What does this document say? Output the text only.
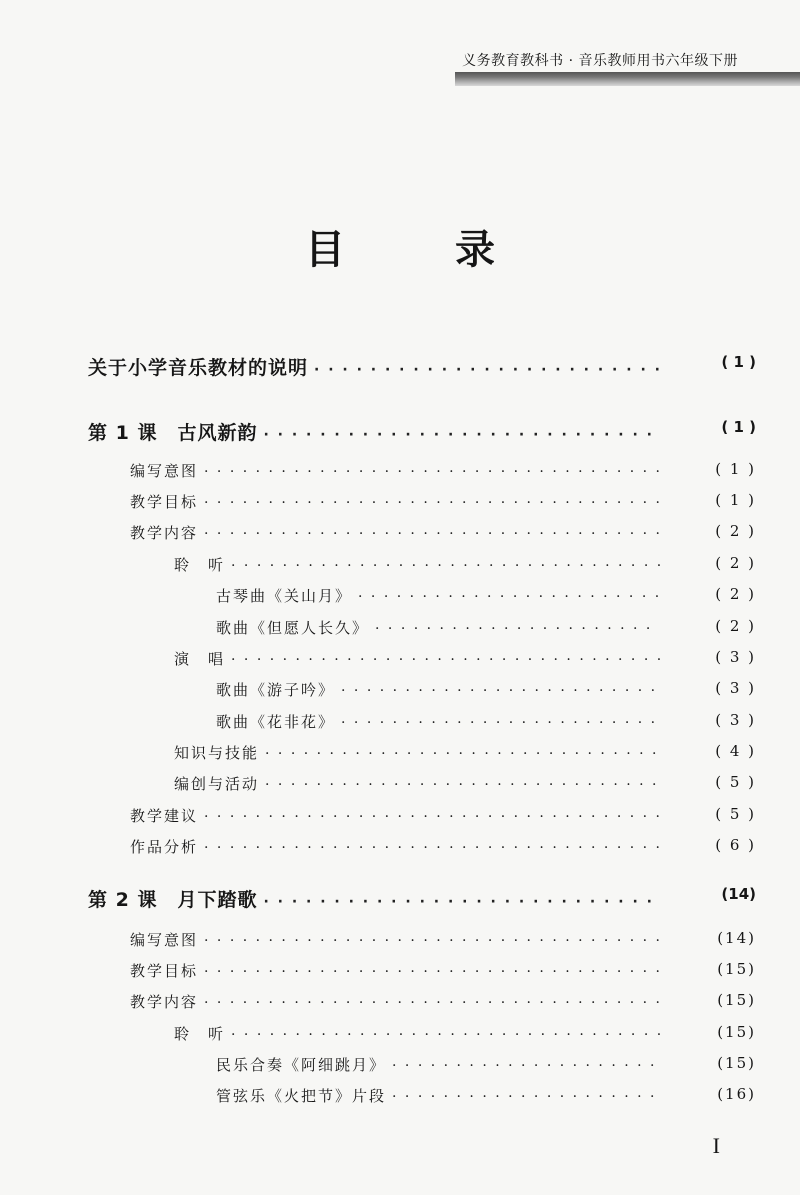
义务教育教科书 · 音乐教师用书六年级下册
目	录
关于小学音乐教材的说明 · · ·	( 1 )
第 1 课　古风新韵 · · ·	( 1 )
编写意图 · · ·	( 1 )
教学目标 · · ·	( 1 )
教学内容 · · ·	( 2 )
聆　听 · · ·	( 2 )
古琴曲《关山月》 · · ·	( 2 )
歌曲《但愿人长久》 · · ·	( 2 )
演　唱 · · ·	( 3 )
歌曲《游子吟》 · · ·	( 3 )
歌曲《花非花》 · · ·	( 3 )
知识与技能 · · ·	( 4 )
编创与活动 · · ·	( 5 )
教学建议 · · ·	( 5 )
作品分析 · · ·	( 6 )
第 2 课　月下踏歌 · · ·	(14)
编写意图 · · ·	(14)
教学目标 · · ·	(15)
教学内容 · · ·	(15)
聆　听 · · ·	(15)
民乐合奏《阿细跳月》 · · ·	(15)
管弦乐《火把节》片段 · · ·	(16)
I
